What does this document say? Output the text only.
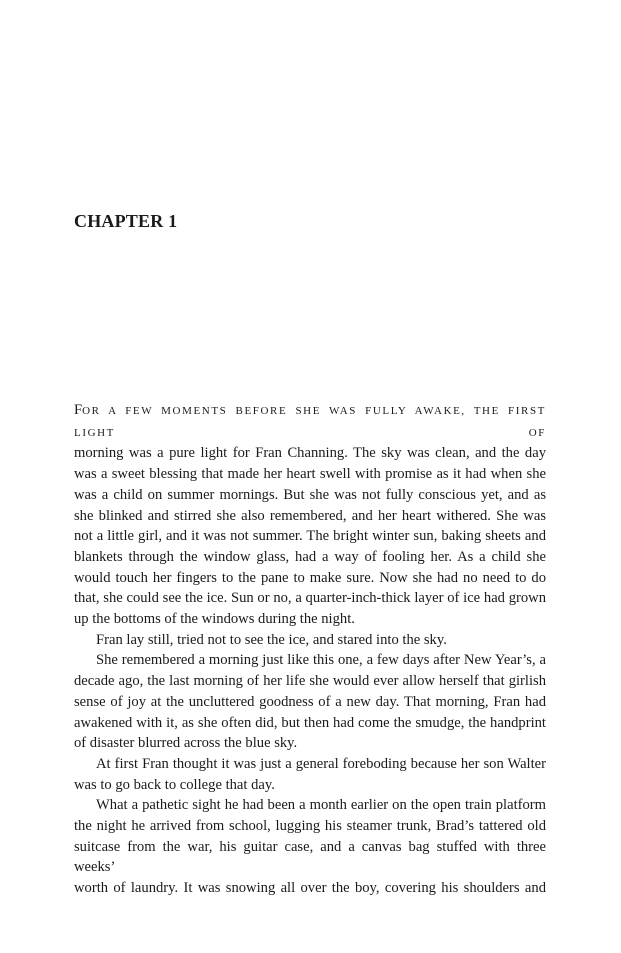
CHAPTER 1

FOR A FEW MOMENTS BEFORE SHE WAS FULLY AWAKE, THE FIRST LIGHT OF
morning was a pure light for Fran Channing. The sky was clean, and the day
was a sweet blessing that made her heart swell with promise as it had when she
was a child on summer mornings. But she was not fully conscious yet, and as
she blinked and stirred she also remembered, and her heart withered. She was
not a little girl, and it was not summer. The bright winter sun, baking sheets and
blankets through the window glass, had a way of fooling her. As a child she
would touch her fingers to the pane to make sure. Now she had no need to do
that, she could see the ice. Sun or no, a quarter-inch-thick layer of ice had grown
up the bottoms of the windows during the night.

Fran lay still, tried not to see the ice, and stared into the sky.

She remembered a morning just like this one, a few days after New Year’s, a
decade ago, the last morning of her life she would ever allow herself that girlish
sense of joy at the uncluttered goodness of a new day. That morning, Fran had
awakened with it, as she often did, but then had come the smudge, the handprint
of disaster blurred across the blue sky.

At first Fran thought it was just a general foreboding because her son Walter
was to go back to college that day.

What a pathetic sight he had been a month earlier on the open train platform
the night he arrived from school, lugging his steamer trunk, Brad’s tattered old
suitcase from the war, his guitar case, and a canvas bag stuffed with three weeks’
worth of laundry. It was snowing all over the boy, covering his shoulders and
